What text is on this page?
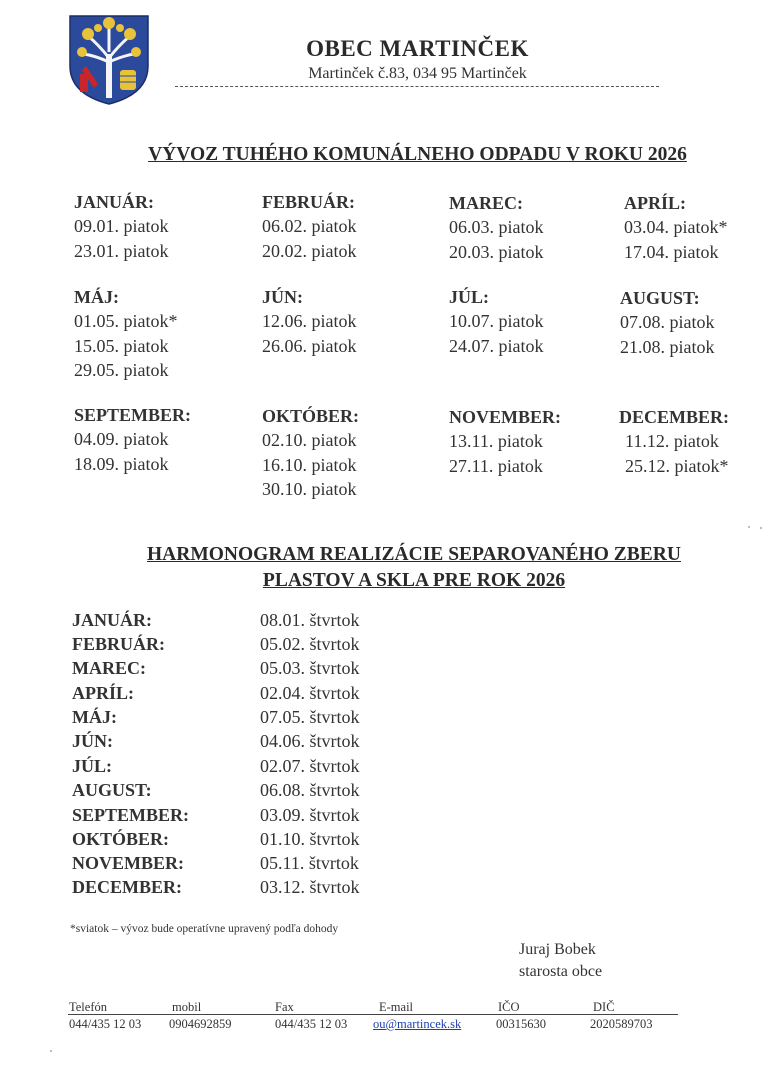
OBEC MARTINČEK
Martinček č.83, 034 95 Martinček
VÝVOZ TUHÉHO KOMUNÁLNEHO ODPADU V ROKU 2026
JANUÁR:
09.01. piatok
23.01. piatok
FEBRUÁR:
06.02. piatok
20.02. piatok
MAREC:
06.03. piatok
20.03. piatok
APRÍL:
03.04. piatok*
17.04. piatok
MÁJ:
01.05. piatok*
15.05. piatok
29.05. piatok
JÚN:
12.06. piatok
26.06. piatok
JÚL:
10.07. piatok
24.07. piatok
AUGUST:
07.08. piatok
21.08. piatok
SEPTEMBER:
04.09. piatok
18.09. piatok
OKTÓBER:
02.10. piatok
16.10. piatok
30.10. piatok
NOVEMBER:
13.11. piatok
27.11. piatok
DECEMBER:
11.12. piatok
25.12. piatok*
HARMONOGRAM REALIZÁCIE SEPAROVANÉHO ZBERU
PLASTOV A SKLA PRE ROK 2026
JANUÁR:	08.01. štvrtok
FEBRUÁR:	05.02. štvrtok
MAREC:	05.03. štvrtok
APRÍL:	02.04. štvrtok
MÁJ:	07.05. štvrtok
JÚN:	04.06. štvrtok
JÚL:	02.07. štvrtok
AUGUST:	06.08. štvrtok
SEPTEMBER:	03.09. štvrtok
OKTÓBER:	01.10. štvrtok
NOVEMBER:	05.11. štvrtok
DECEMBER:	03.12. štvrtok
*sviatok – vývoz bude operatívne upravený podľa dohody
Juraj Bobek
starosta obce
Telefón
044/435 12 03
mobil
0904692859
Fax
044/435 12 03
E-mail
ou@martincek.sk
IČO
00315630
DIČ
2020589703
